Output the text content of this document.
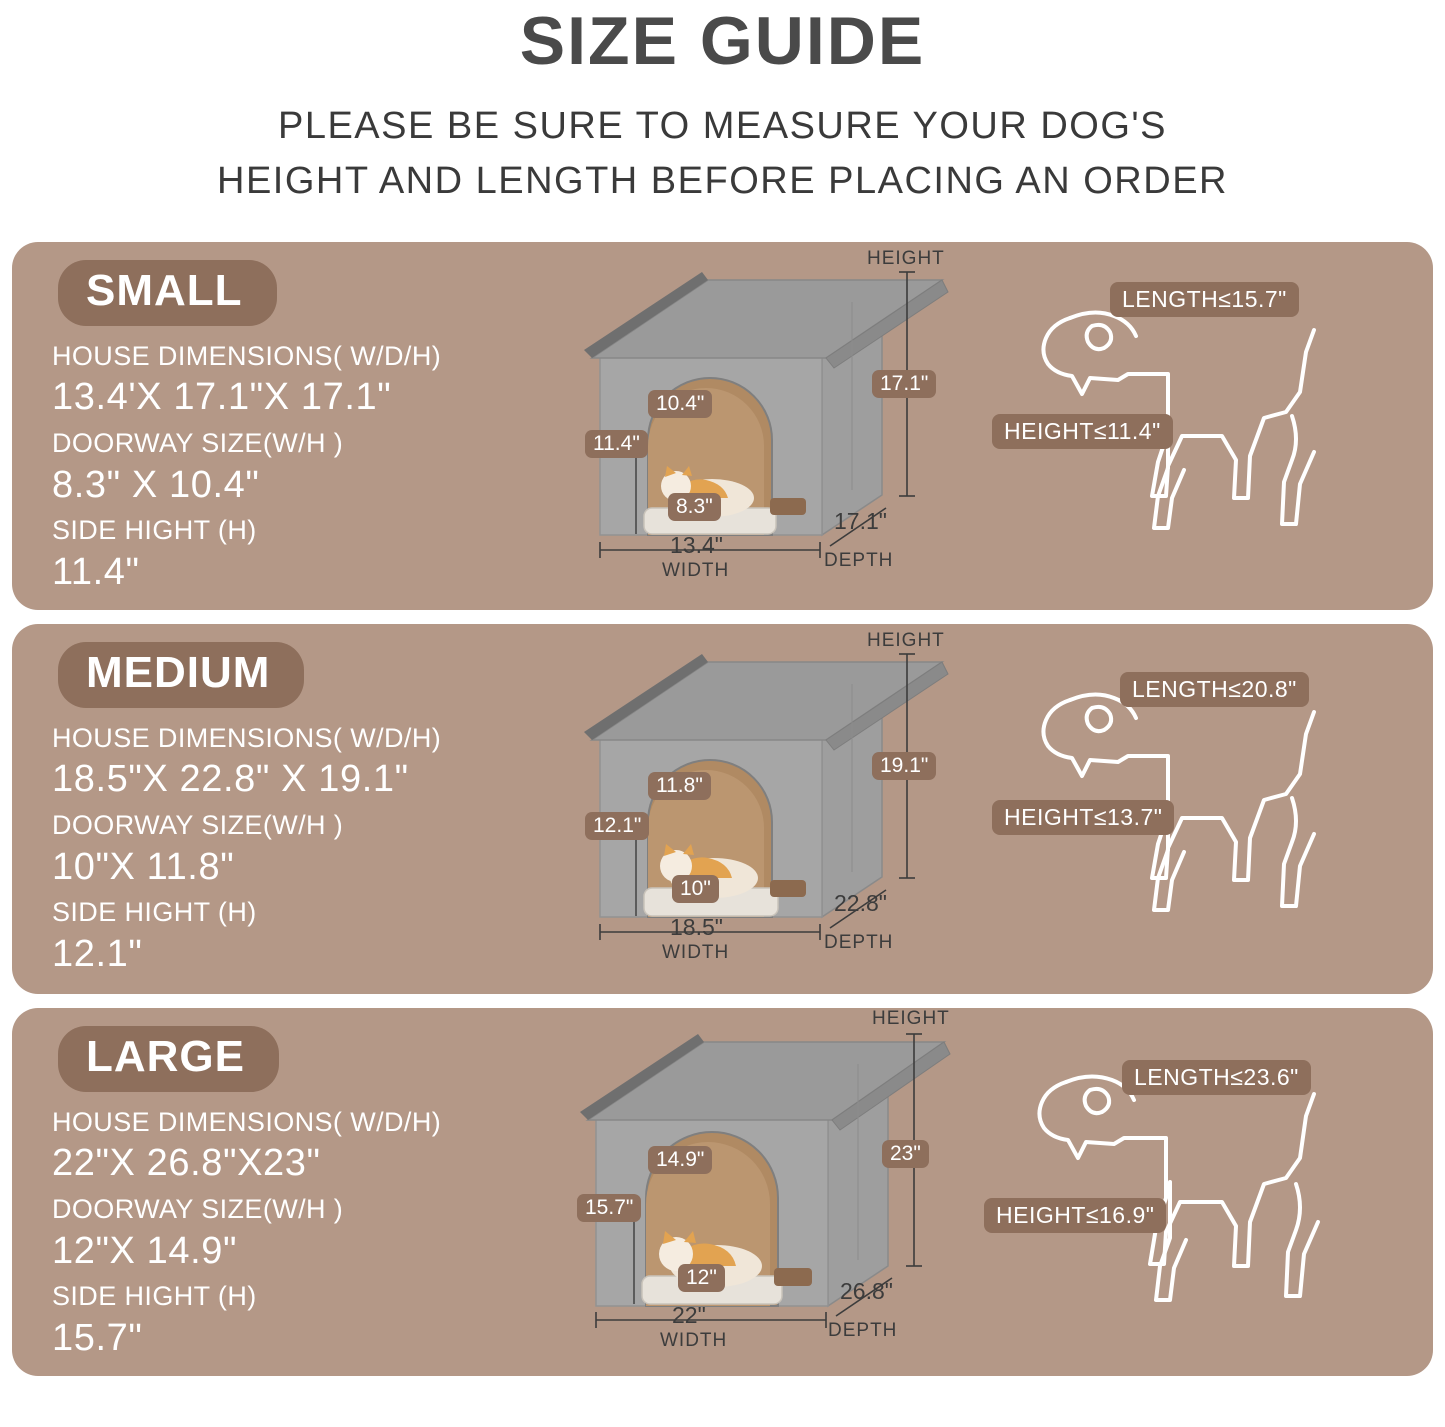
SIZE GUIDE
PLEASE BE SURE TO MEASURE YOUR DOG'S
HEIGHT AND LENGTH BEFORE PLACING AN ORDER
SMALL
HOUSE DIMENSIONS( W/D/H)
13.4'X 17.1"X 17.1"
DOORWAY SIZE(W/H )
8.3" X 10.4"
SIDE HIGHT (H)
11.4"
HEIGHT
17.1"
10.4"
11.4"
8.3"
13.4"
17.1"
WIDTH	DEPTH
LENGTH≤15.7"
HEIGHT≤11.4"
MEDIUM
HOUSE DIMENSIONS( W/D/H)
18.5"X 22.8" X 19.1"
DOORWAY SIZE(W/H )
10"X 11.8"
SIDE HIGHT (H)
12.1"
HEIGHT
19.1"
11.8"
12.1"
10"
18.5"
22.8"
WIDTH	DEPTH
LENGTH≤20.8"
HEIGHT≤13.7"
LARGE
HOUSE DIMENSIONS( W/D/H)
22"X 26.8"X23"
DOORWAY SIZE(W/H )
12"X 14.9"
SIDE HIGHT (H)
15.7"
HEIGHT
23"
14.9"
15.7"
12"
22"
26.8"
WIDTH	DEPTH
LENGTH≤23.6"
HEIGHT≤16.9"
